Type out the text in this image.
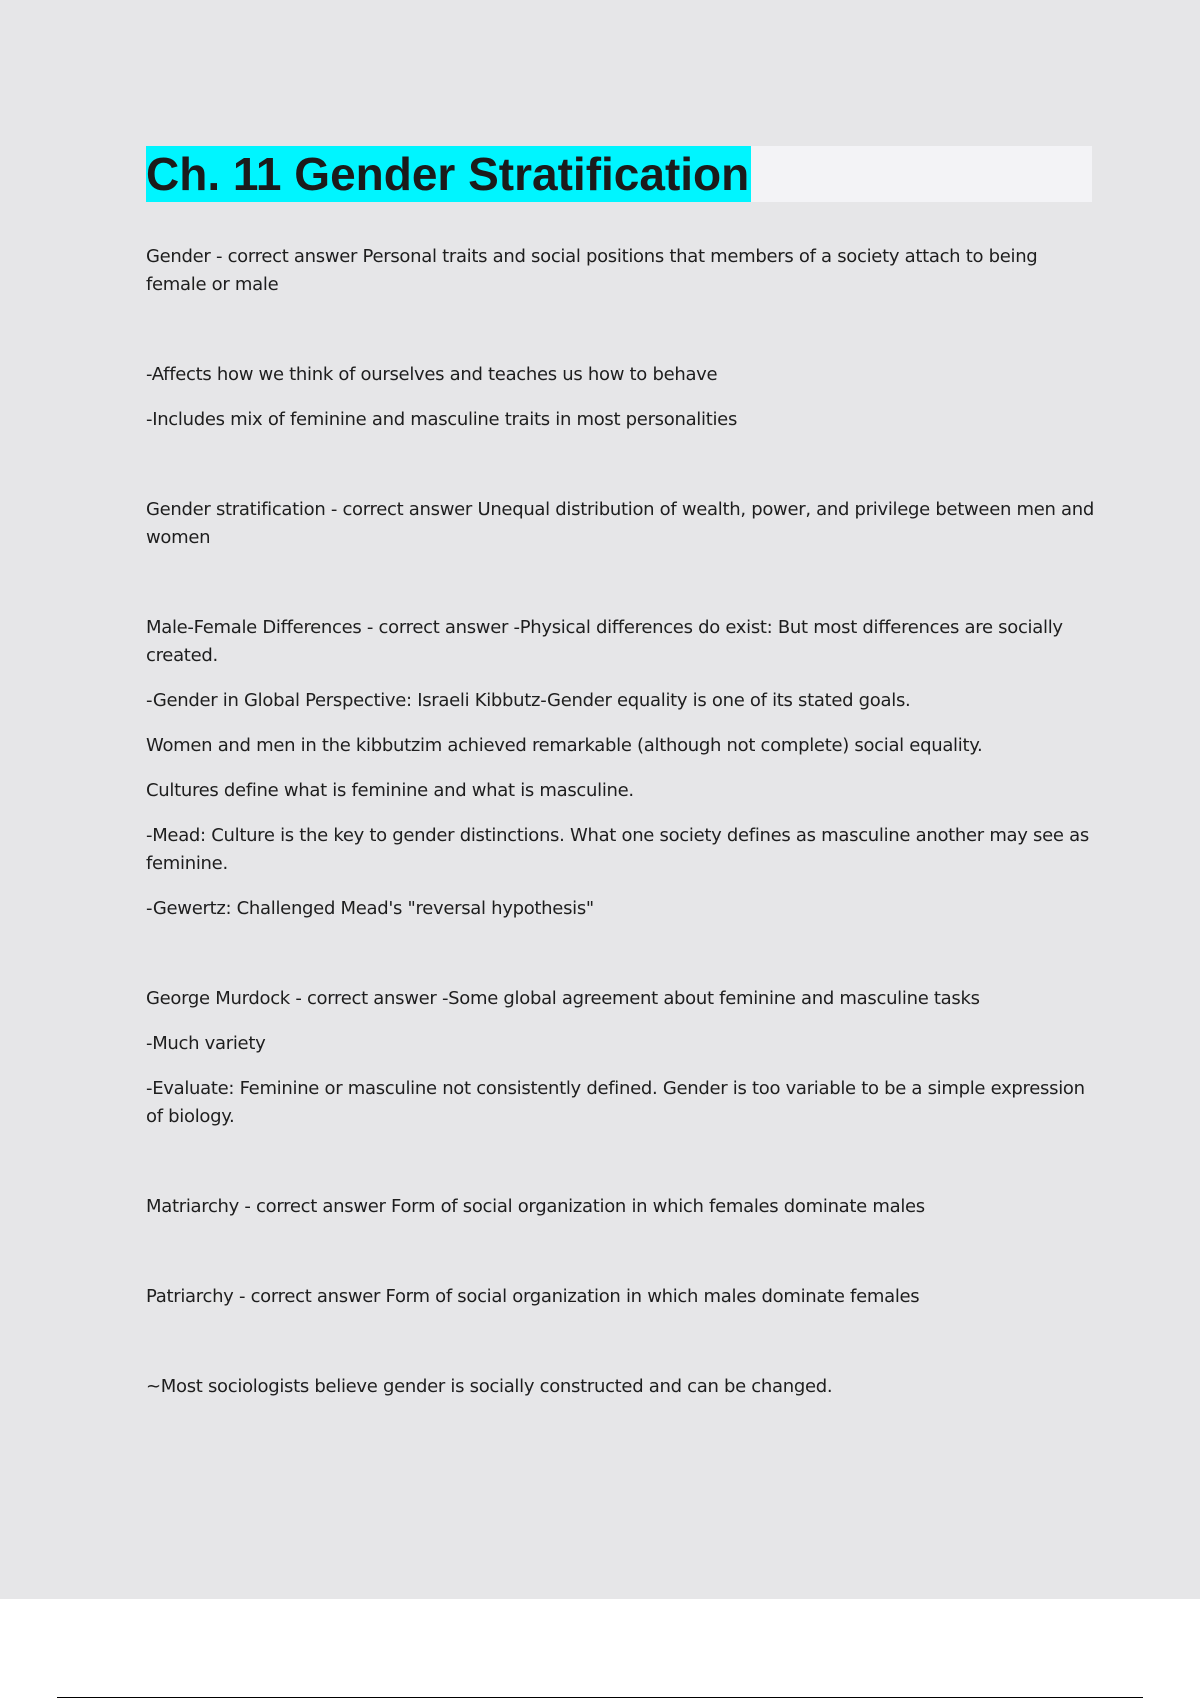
Ch. 11 Gender Stratification

Gender - correct answer Personal traits and social positions that members of a society attach to being female or male

-Affects how we think of ourselves and teaches us how to behave

-Includes mix of feminine and masculine traits in most personalities

Gender stratification - correct answer Unequal distribution of wealth, power, and privilege between men and women

Male-Female Differences - correct answer -Physical differences do exist: But most differences are socially created.

-Gender in Global Perspective: Israeli Kibbutz-Gender equality is one of its stated goals.

Women and men in the kibbutzim achieved remarkable (although not complete) social equality.

Cultures define what is feminine and what is masculine.

-Mead: Culture is the key to gender distinctions. What one society defines as masculine another may see as feminine.

-Gewertz: Challenged Mead's "reversal hypothesis"

George Murdock - correct answer -Some global agreement about feminine and masculine tasks

-Much variety

-Evaluate: Feminine or masculine not consistently defined. Gender is too variable to be a simple expression of biology.

Matriarchy - correct answer Form of social organization in which females dominate males

Patriarchy - correct answer Form of social organization in which males dominate females

~Most sociologists believe gender is socially constructed and can be changed.
